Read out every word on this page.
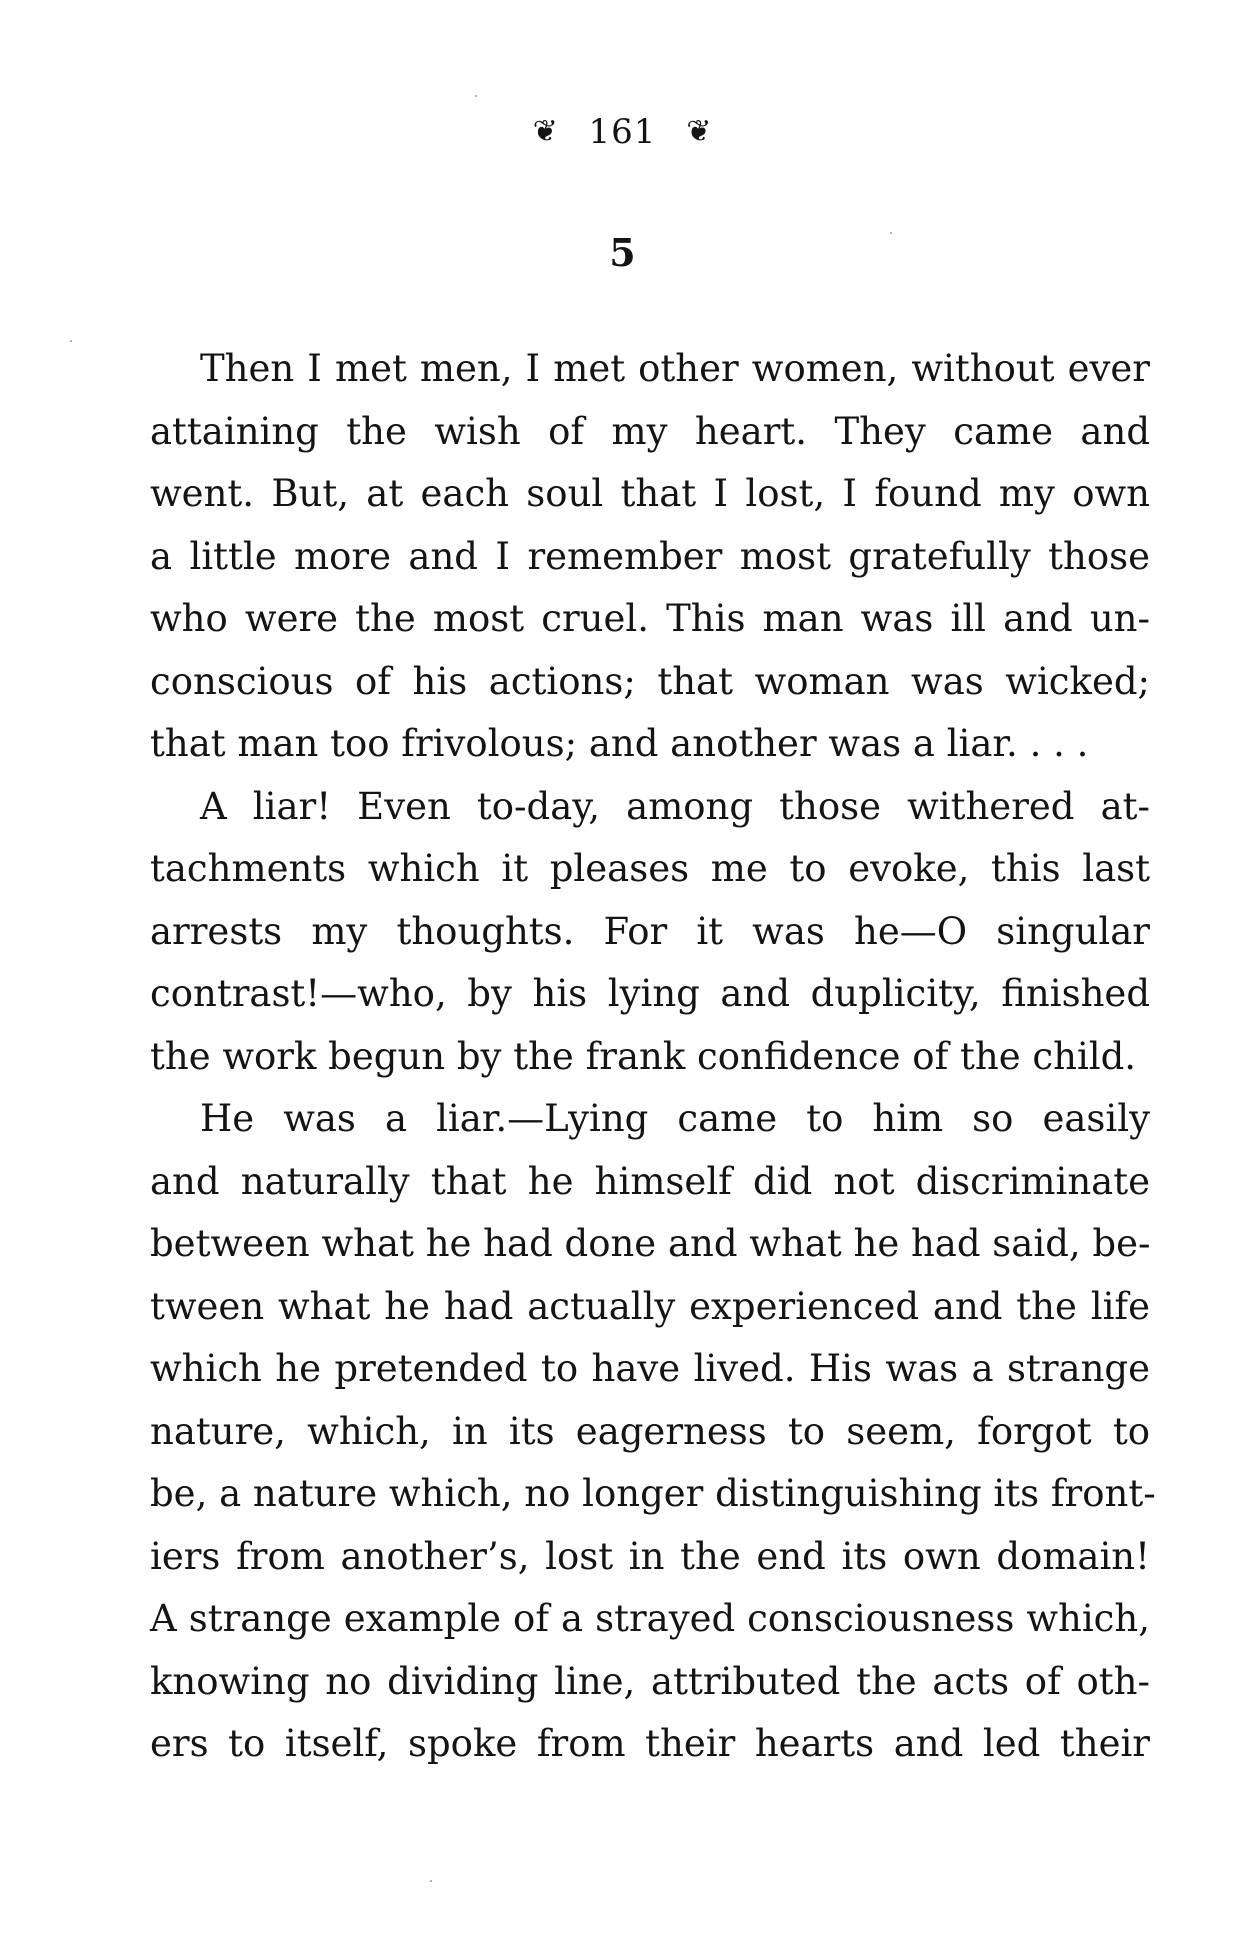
❦ 161 ❦
5

Then I met men, I met other women, without ever
attaining the wish of my heart. They came and
went. But, at each soul that I lost, I found my own
a little more and I remember most gratefully those
who were the most cruel. This man was ill and un-
conscious of his actions; that woman was wicked;
that man too frivolous; and another was a liar. . . .

A liar! Even to-day, among those withered at-
tachments which it pleases me to evoke, this last
arrests my thoughts. For it was he—O singular
contrast!—who, by his lying and duplicity, finished
the work begun by the frank confidence of the child.

He was a liar.—Lying came to him so easily
and naturally that he himself did not discriminate
between what he had done and what he had said, be-
tween what he had actually experienced and the life
which he pretended to have lived. His was a strange
nature, which, in its eagerness to seem, forgot to
be, a nature which, no longer distinguishing its front-
iers from another’s, lost in the end its own domain!
A strange example of a strayed consciousness which,
knowing no dividing line, attributed the acts of oth-
ers to itself, spoke from their hearts and led their
